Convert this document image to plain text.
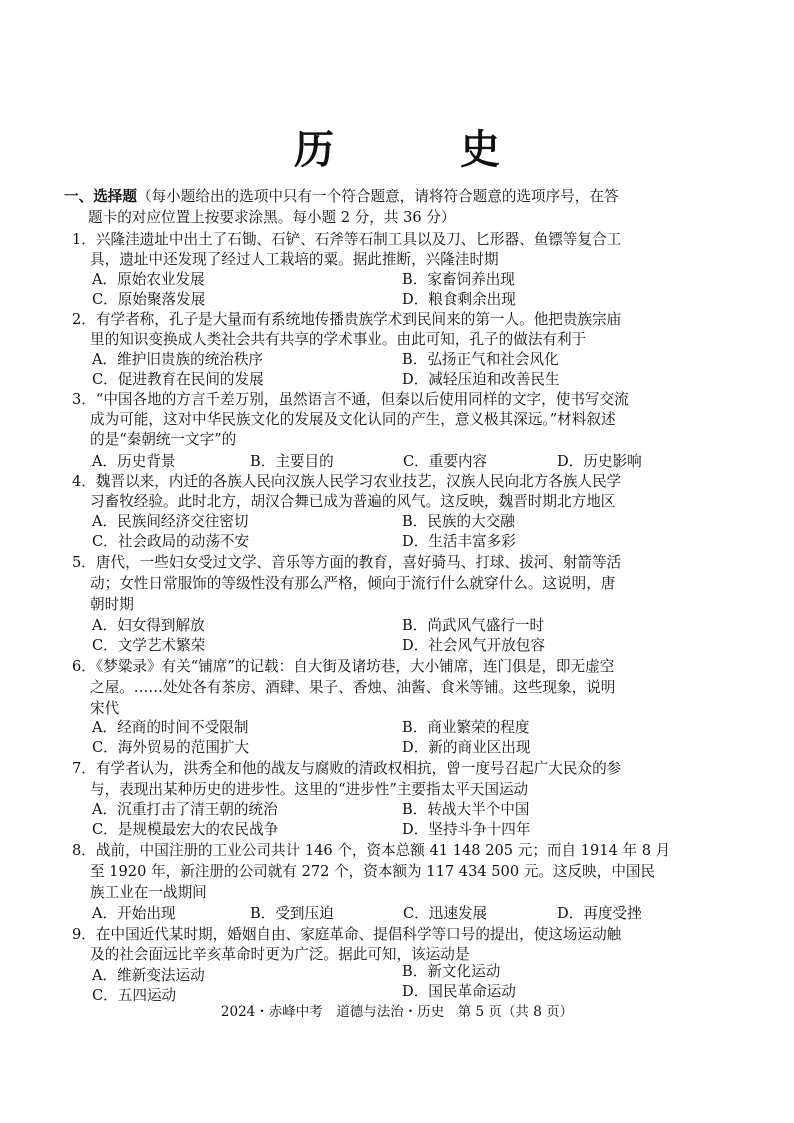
历 史
一、选择题（每小题给出的选项中只有一个符合题意，请将符合题意的选项序号，在答
题卡的对应位置上按要求涂黑。每小题 2 分，共 36 分）
1．兴隆洼遗址中出土了石锄、石铲、石斧等石制工具以及刀、匕形器、鱼镖等复合工
具，遗址中还发现了经过人工栽培的粟。据此推断，兴隆洼时期
A．原始农业发展	B．家畜饲养出现
C．原始聚落发展	D．粮食剩余出现
2．有学者称，孔子是大量而有系统地传播贵族学术到民间来的第一人。他把贵族宗庙
里的知识变换成人类社会共有共享的学术事业。由此可知，孔子的做法有利于
A．维护旧贵族的统治秩序	B．弘扬正气和社会风化
C．促进教育在民间的发展	D．减轻压迫和改善民生
3．“中国各地的方言千差万别，虽然语言不通，但秦以后使用同样的文字，使书写交流
成为可能，这对中华民族文化的发展及文化认同的产生，意义极其深远。”材料叙述
的是“秦朝统一文字”的
A．历史背景	B．主要目的	C．重要内容	D．历史影响
4．魏晋以来，内迁的各族人民向汉族人民学习农业技艺，汉族人民向北方各族人民学
习畜牧经验。此时北方，胡汉合舞已成为普遍的风气。这反映，魏晋时期北方地区
A．民族间经济交往密切	B．民族的大交融
C．社会政局的动荡不安	D．生活丰富多彩
5．唐代，一些妇女受过文学、音乐等方面的教育，喜好骑马、打球、拔河、射箭等活
动；女性日常服饰的等级性没有那么严格，倾向于流行什么就穿什么。这说明，唐
朝时期
A．妇女得到解放	B．尚武风气盛行一时
C．文学艺术繁荣	D．社会风气开放包容
6．《梦粱录》有关“铺席”的记载：自大街及诸坊巷，大小铺席，连门俱是，即无虚空
之屋。……处处各有茶房、酒肆、果子、香烛、油酱、食米等铺。这些现象，说明
宋代
A．经商的时间不受限制	B．商业繁荣的程度
C．海外贸易的范围扩大	D．新的商业区出现
7．有学者认为，洪秀全和他的战友与腐败的清政权相抗，曾一度号召起广大民众的参
与，表现出某种历史的进步性。这里的“进步性”主要指太平天国运动
A．沉重打击了清王朝的统治	B．转战大半个中国
C．是规模最宏大的农民战争	D．坚持斗争十四年
8．战前，中国注册的工业公司共计 146 个，资本总额 41 148 205 元；而自 1914 年 8 月
至 1920 年，新注册的公司就有 272 个，资本额为 117 434 500 元。这反映，中国民
族工业在一战期间
A．开始出现	B．受到压迫	C．迅速发展	D．再度受挫
9．在中国近代某时期，婚姻自由、家庭革命、提倡科学等口号的提出，使这场运动触
及的社会面远比辛亥革命时更为广泛。据此可知，该运动是
A．维新变法运动	B．新文化运动
C．五四运动	D．国民革命运动
2024・赤峰中考　道德与法治・历史　第 5 页（共 8 页）
